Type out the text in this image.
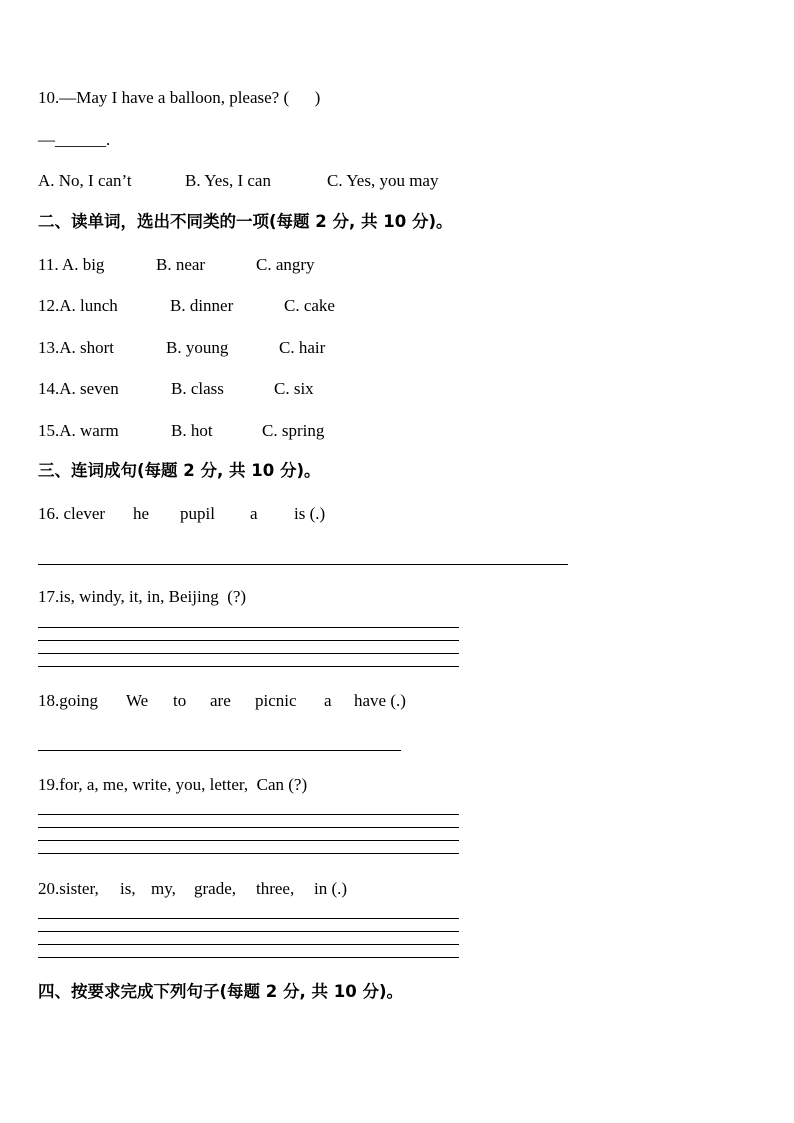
10.—May I have a balloon, please? (      )
—______.

A. No, I can’t

	B. Yes, I can

	C. Yes, you may

二、读单词，选出不同类的一项(每题 2 分, 共 10 分)。

11. A. big

	B. near

	C. angry

12.A. lunch

	B. dinner

	C. cake

13.A. short

	B. young

	C. hair

14.A. seven

	B. class

	C. six

15.A. warm

	B. hot

	C. spring

三、连词成句(每题 2 分, 共 10 分)。

16. clever

he

pupil

a

is (.)

17.is, windy, it, in, Beijing  (?)

18.going

We

to

are

picnic

a

have (.)

19.for, a, me, write, you, letter,  Can (?)

20.sister,

is,

my,

grade,

three,

in (.)

四、按要求完成下列句子(每题 2 分, 共 10 分)。
